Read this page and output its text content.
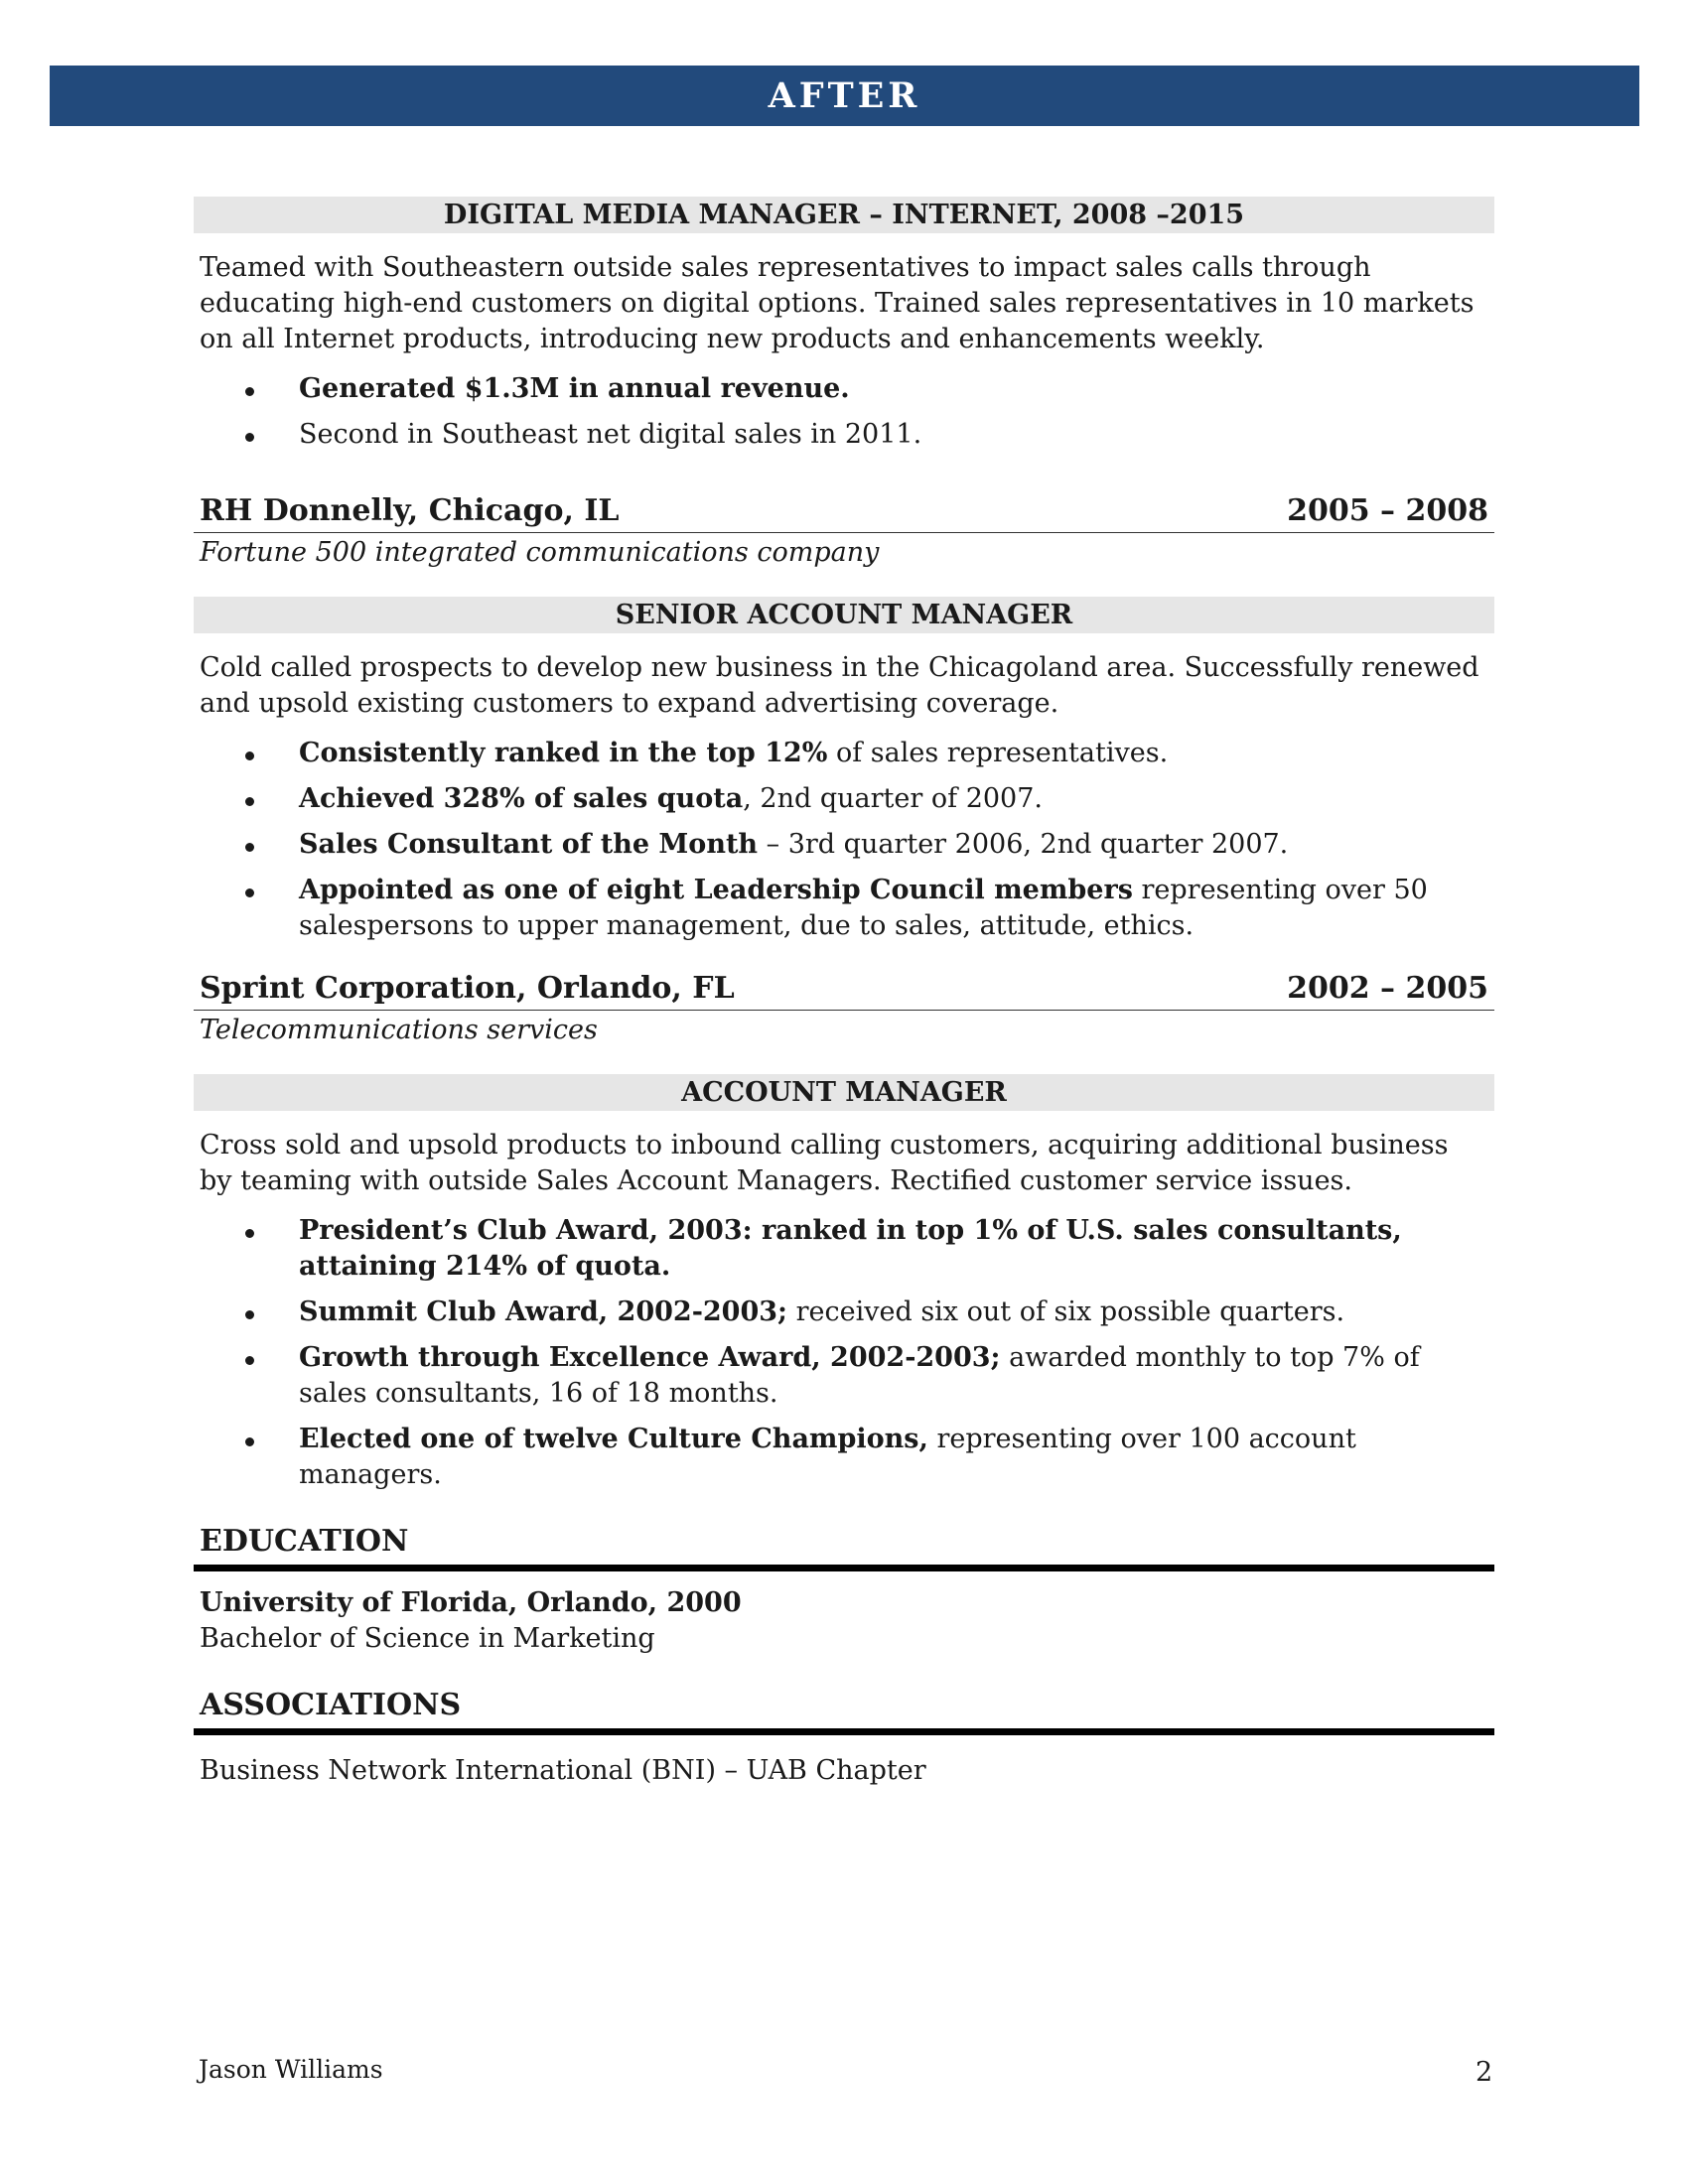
AFTER
DIGITAL MEDIA MANAGER – INTERNET, 2008 –2015

Teamed with Southeastern outside sales representatives to impact sales calls through educating high-end customers on digital options. Trained sales representatives in 10 markets on all Internet products, introducing new products and enhancements weekly.

Generated $1.3M in annual revenue.
Second in Southeast net digital sales in 2011.
RH Donnelly, Chicago, IL	2005 – 2008

Fortune 500 integrated communications company

SENIOR ACCOUNT MANAGER

Cold called prospects to develop new business in the Chicagoland area. Successfully renewed and upsold existing customers to expand advertising coverage.

Consistently ranked in the top 12% of sales representatives.
Achieved 328% of sales quota, 2nd quarter of 2007.
Sales Consultant of the Month – 3rd quarter 2006, 2nd quarter 2007.
Appointed as one of eight Leadership Council members representing over 50 salespersons to upper management, due to sales, attitude, ethics.
Sprint Corporation, Orlando, FL	2002 – 2005

Telecommunications services

ACCOUNT MANAGER

Cross sold and upsold products to inbound calling customers, acquiring additional business by teaming with outside Sales Account Managers. Rectified customer service issues.

President’s Club Award, 2003: ranked in top 1% of U.S. sales consultants, attaining 214% of quota.
Summit Club Award, 2002-2003; received six out of six possible quarters.
Growth through Excellence Award, 2002-2003; awarded monthly to top 7% of sales consultants, 16 of 18 months.
Elected one of twelve Culture Champions, representing over 100 account managers.
EDUCATION

University of Florida, Orlando, 2000

Bachelor of Science in Marketing

ASSOCIATIONS

Business Network International (BNI) – UAB Chapter

Jason Williams	2
